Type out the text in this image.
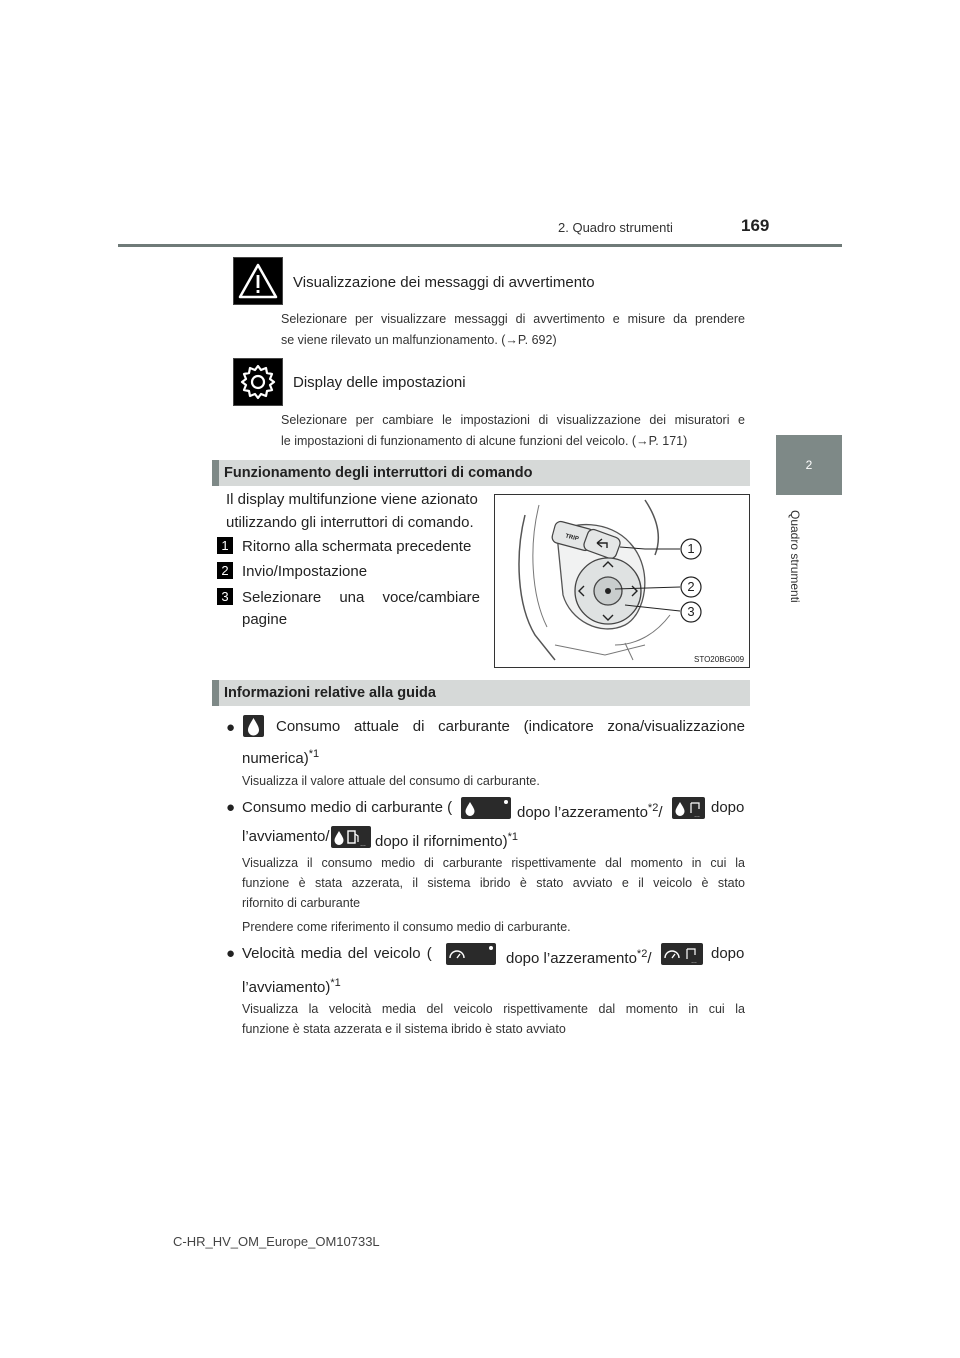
2. Quadro strumenti	169
2
Quadro strumenti
Visualizzazione dei messaggi di avvertimento
Selezionare per visualizzare messaggi di avvertimento e misure da prendere
se viene rilevato un malfunzionamento. (→P. 692)
Display delle impostazioni
Selezionare per cambiare le impostazioni di visualizzazione dei misuratori e
le impostazioni di funzionamento di alcune funzioni del veicolo. (→P. 171)
Funzionamento degli interruttori di comando
Il display multifunzione viene azionato
utilizzando gli interruttori di comando.
1 Ritorno alla schermata precedente
2 Invio/Impostazione
3 Selezionare una voce/cambiare
pagine
TRIP
1
2
3
STO20BG009
Informazioni relative alla guida
●	Consumo attuale di carburante (indicatore zona/visualizzazione
numerica)$^{*1}$
Visualizza il valore attuale del consumo di carburante.
● Consumo medio di carburante (	dopo l’azzeramento$^{*2}$/	… dopo
l’avviamento/	… dopo il rifornimento)$^{*1}$
Visualizza il consumo medio di carburante rispettivamente dal momento in cui la
funzione è stata azzerata, il sistema ibrido è stato avviato e il veicolo è stato
rifornito di carburante
Prendere come riferimento il consumo medio di carburante.
● Velocità media del veicolo (	dopo l’azzeramento$^{*2}$/	… dopo
l’avviamento)$^{*1}$
Visualizza la velocità media del veicolo rispettivamente dal momento in cui la
funzione è stata azzerata e il sistema ibrido è stato avviato
C-HR_HV_OM_Europe_OM10733L
